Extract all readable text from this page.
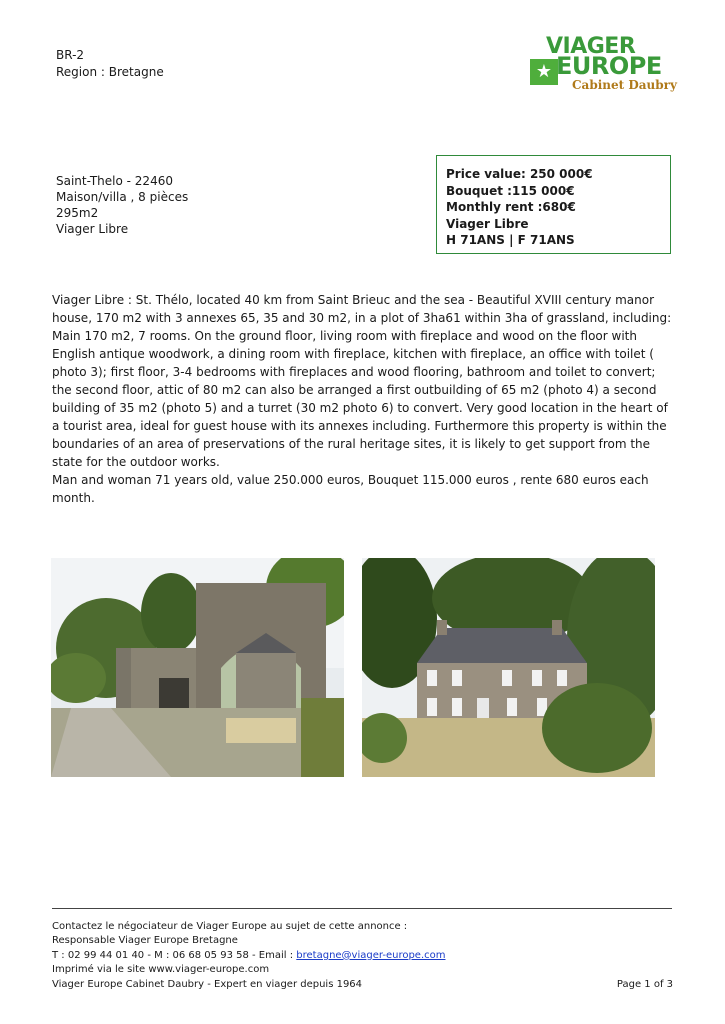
BR-2
Region : Bretagne	★
VIAGER
EUROPE
Cabinet Daubry
Saint-Thelo - 22460
Maison/villa , 8 pièces
295m2
Viager Libre
Price value: 250 000€
Bouquet :115 000€
Monthly rent :680€
Viager Libre
H 71ANS | F 71ANS

Viager Libre : St. Thélo, located 40 km from Saint Brieuc and the sea - Beautiful XVIII century manor house, 170 m2 with 3 annexes 65, 35 and 30 m2, in a plot of 3ha61 within 3ha of grassland, including: Main 170 m2, 7 rooms. On the ground floor, living room with fireplace and wood on the floor with English antique woodwork, a dining room with fireplace, kitchen with fireplace, an office with toilet ( photo 3); first floor, 3-4 bedrooms with fireplaces and wood flooring, bathroom and toilet to convert; the second floor, attic of 80 m2 can also be arranged a first outbuilding of 65 m2 (photo 4) a second building of 35 m2 (photo 5) and a turret (30 m2 photo 6) to convert. Very good location in the heart of a tourist area, ideal for guest house with its annexes including. Furthermore this property is within the boundaries of an area of preservations of the rural heritage sites, it is likely to get support from the state for the outdoor works.

Man and woman 71 years old, value 250.000 euros, Bouquet 115.000 euros , rente 680 euros each month.

Contactez le négociateur de Viager Europe au sujet de cette annonce :
Responsable Viager Europe Bretagne
T : 02 99 44 01 40 - M : 06 68 05 93 58 - Email : bretagne@viager-europe.com
Imprimé via le site www.viager-europe.com
Viager Europe Cabinet Daubry - Expert en viager depuis 1964	Page 1 of 3
